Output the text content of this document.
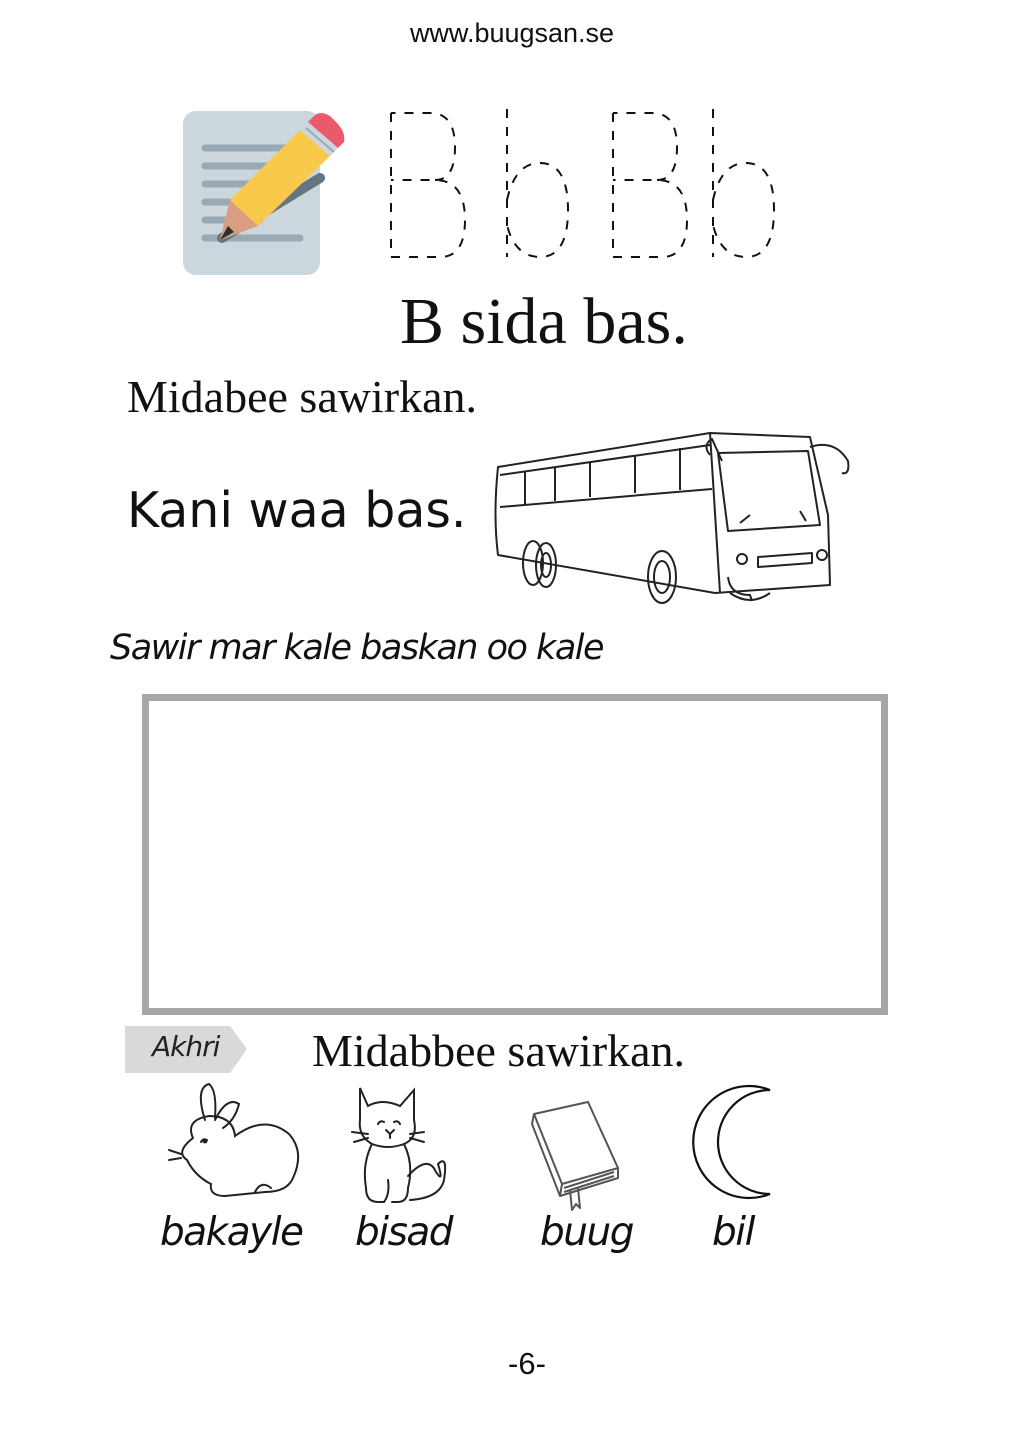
www.buugsan.se
B b B b
B sida bas.
Midabee sawirkan.
Kani waa bas.
Sawir mar kale baskan oo kale
Akhri Midabbee sawirkan.
bakayle bisad buug bil
-6-
